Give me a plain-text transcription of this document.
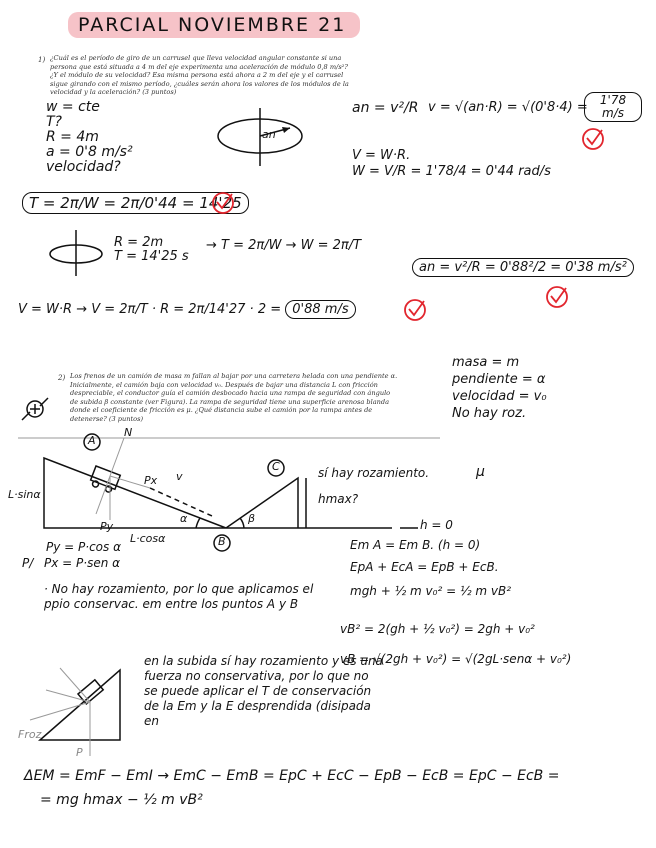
PARCIAL NOVIEMBRE 21
1) ¿Cuál es el período de giro de un carrusel que lleva velocidad angular constante si una persona que está situada a 4 m del eje experimenta una aceleración de módulo 0,8 m/s²? ¿Y el módulo de su velocidad? Esa misma persona está ahora a 2 m del eje y el carrusel sigue girando con el mismo período, ¿cuáles serán ahora los valores de los módulos de la velocidad y la aceleración? (3 puntos)
w = cte
T?
R = 4m
a = 0'8 m/s²
velocidad?
an
an = v²/R v = √(an·R) = √(0'8·4) =	1'78 m/s
V = W·R.
W = V/R = 1'78/4 = 0'44 rad/s
T = 2π/W = 2π/0'44 = 14'25
R = 2m
T = 14'25 s
→ T = 2π/W → W = 2π/T
an = v²/R = 0'88²/2 = 0'38 m/s²
V = W·R → V = 2π/T · R = 2π/14'27 · 2 = 0'88 m/s
2) Los frenos de un camión de masa m fallan al bajar por una carretera helada con una pendiente α. Inicialmente, el camión baja con velocidad v₀. Después de bajar una distancia L con fricción despreciable, el conductor guía el camión desbocado hacia una rampa de seguridad con ángulo de subida β constante (ver Figura). La rampa de seguridad tiene una superficie arenosa blanda donde el coeficiente de fricción es μ. ¿Qué distancia sube el camión por la rampa antes de detenerse? (3 puntos)
masa = m
pendiente = α
velocidad = v₀
No hay roz.
A
B
C
N
Px
Py
v
α	β
L·sinα
L·cosα
hmax?
h = 0
sí hay rozamiento.	μ
Py = P·cos α
P/ Px = P·sen α
· No hay rozamiento, por lo que aplicamos el ppio conservac. em entre los puntos A y B
Em A = Em B. (h = 0)
EpA + EcA = EpB + EcB.
mgh + ½ m v₀² = ½ m vB²
vB² = 2(gh + ½ v₀²) = 2gh + v₀²
vB = √(2gh + v₀²) = √(2gL·senα + v₀²)
Froz
P
en la subida sí hay rozamiento y es una fuerza no conservativa, por lo que no se puede aplicar el T de conservación de la Em y la E desprendida (disipada en
ΔEM = EmF − EmI → EmC − EmB = EpC + EcC − EpB − EcB = EpC − EcB =
= mg hmax − ½ m vB²
